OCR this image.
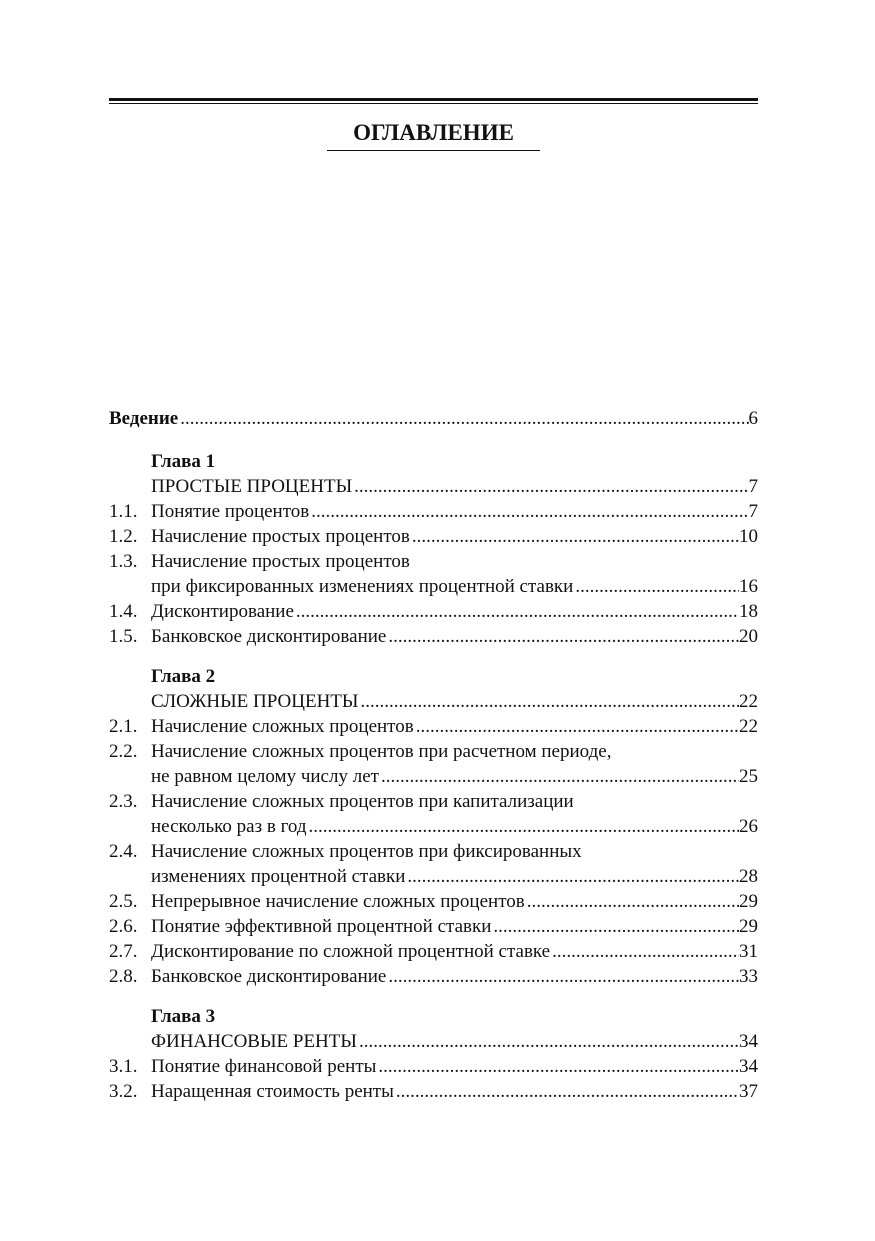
ОГЛАВЛЕНИЕ
Ведение .....	6
Глава 1
ПРОСТЫЕ ПРОЦЕНТЫ .....	7
1.1. Понятие процентов .....	7
1.2. Начисление простых процентов .....	10
1.3. Начисление простых процентов
при фиксированных изменениях процентной ставки .....	16
1.4. Дисконтирование .....	18
1.5. Банковское дисконтирование .....	20
Глава 2
СЛОЖНЫЕ ПРОЦЕНТЫ .....	22
2.1. Начисление сложных процентов .....	22
2.2. Начисление сложных процентов при расчетном периоде,
не равном целому числу лет .....	25
2.3. Начисление сложных процентов при капитализации
несколько раз в год .....	26
2.4. Начисление сложных процентов при фиксированных
изменениях процентной ставки .....	28
2.5. Непрерывное начисление сложных процентов .....	29
2.6. Понятие эффективной процентной ставки .....	29
2.7. Дисконтирование по сложной процентной ставке .....	31
2.8. Банковское дисконтирование .....	33
Глава 3
ФИНАНСОВЫЕ РЕНТЫ .....	34
3.1. Понятие финансовой ренты .....	34
3.2. Наращенная стоимость ренты .....	37
